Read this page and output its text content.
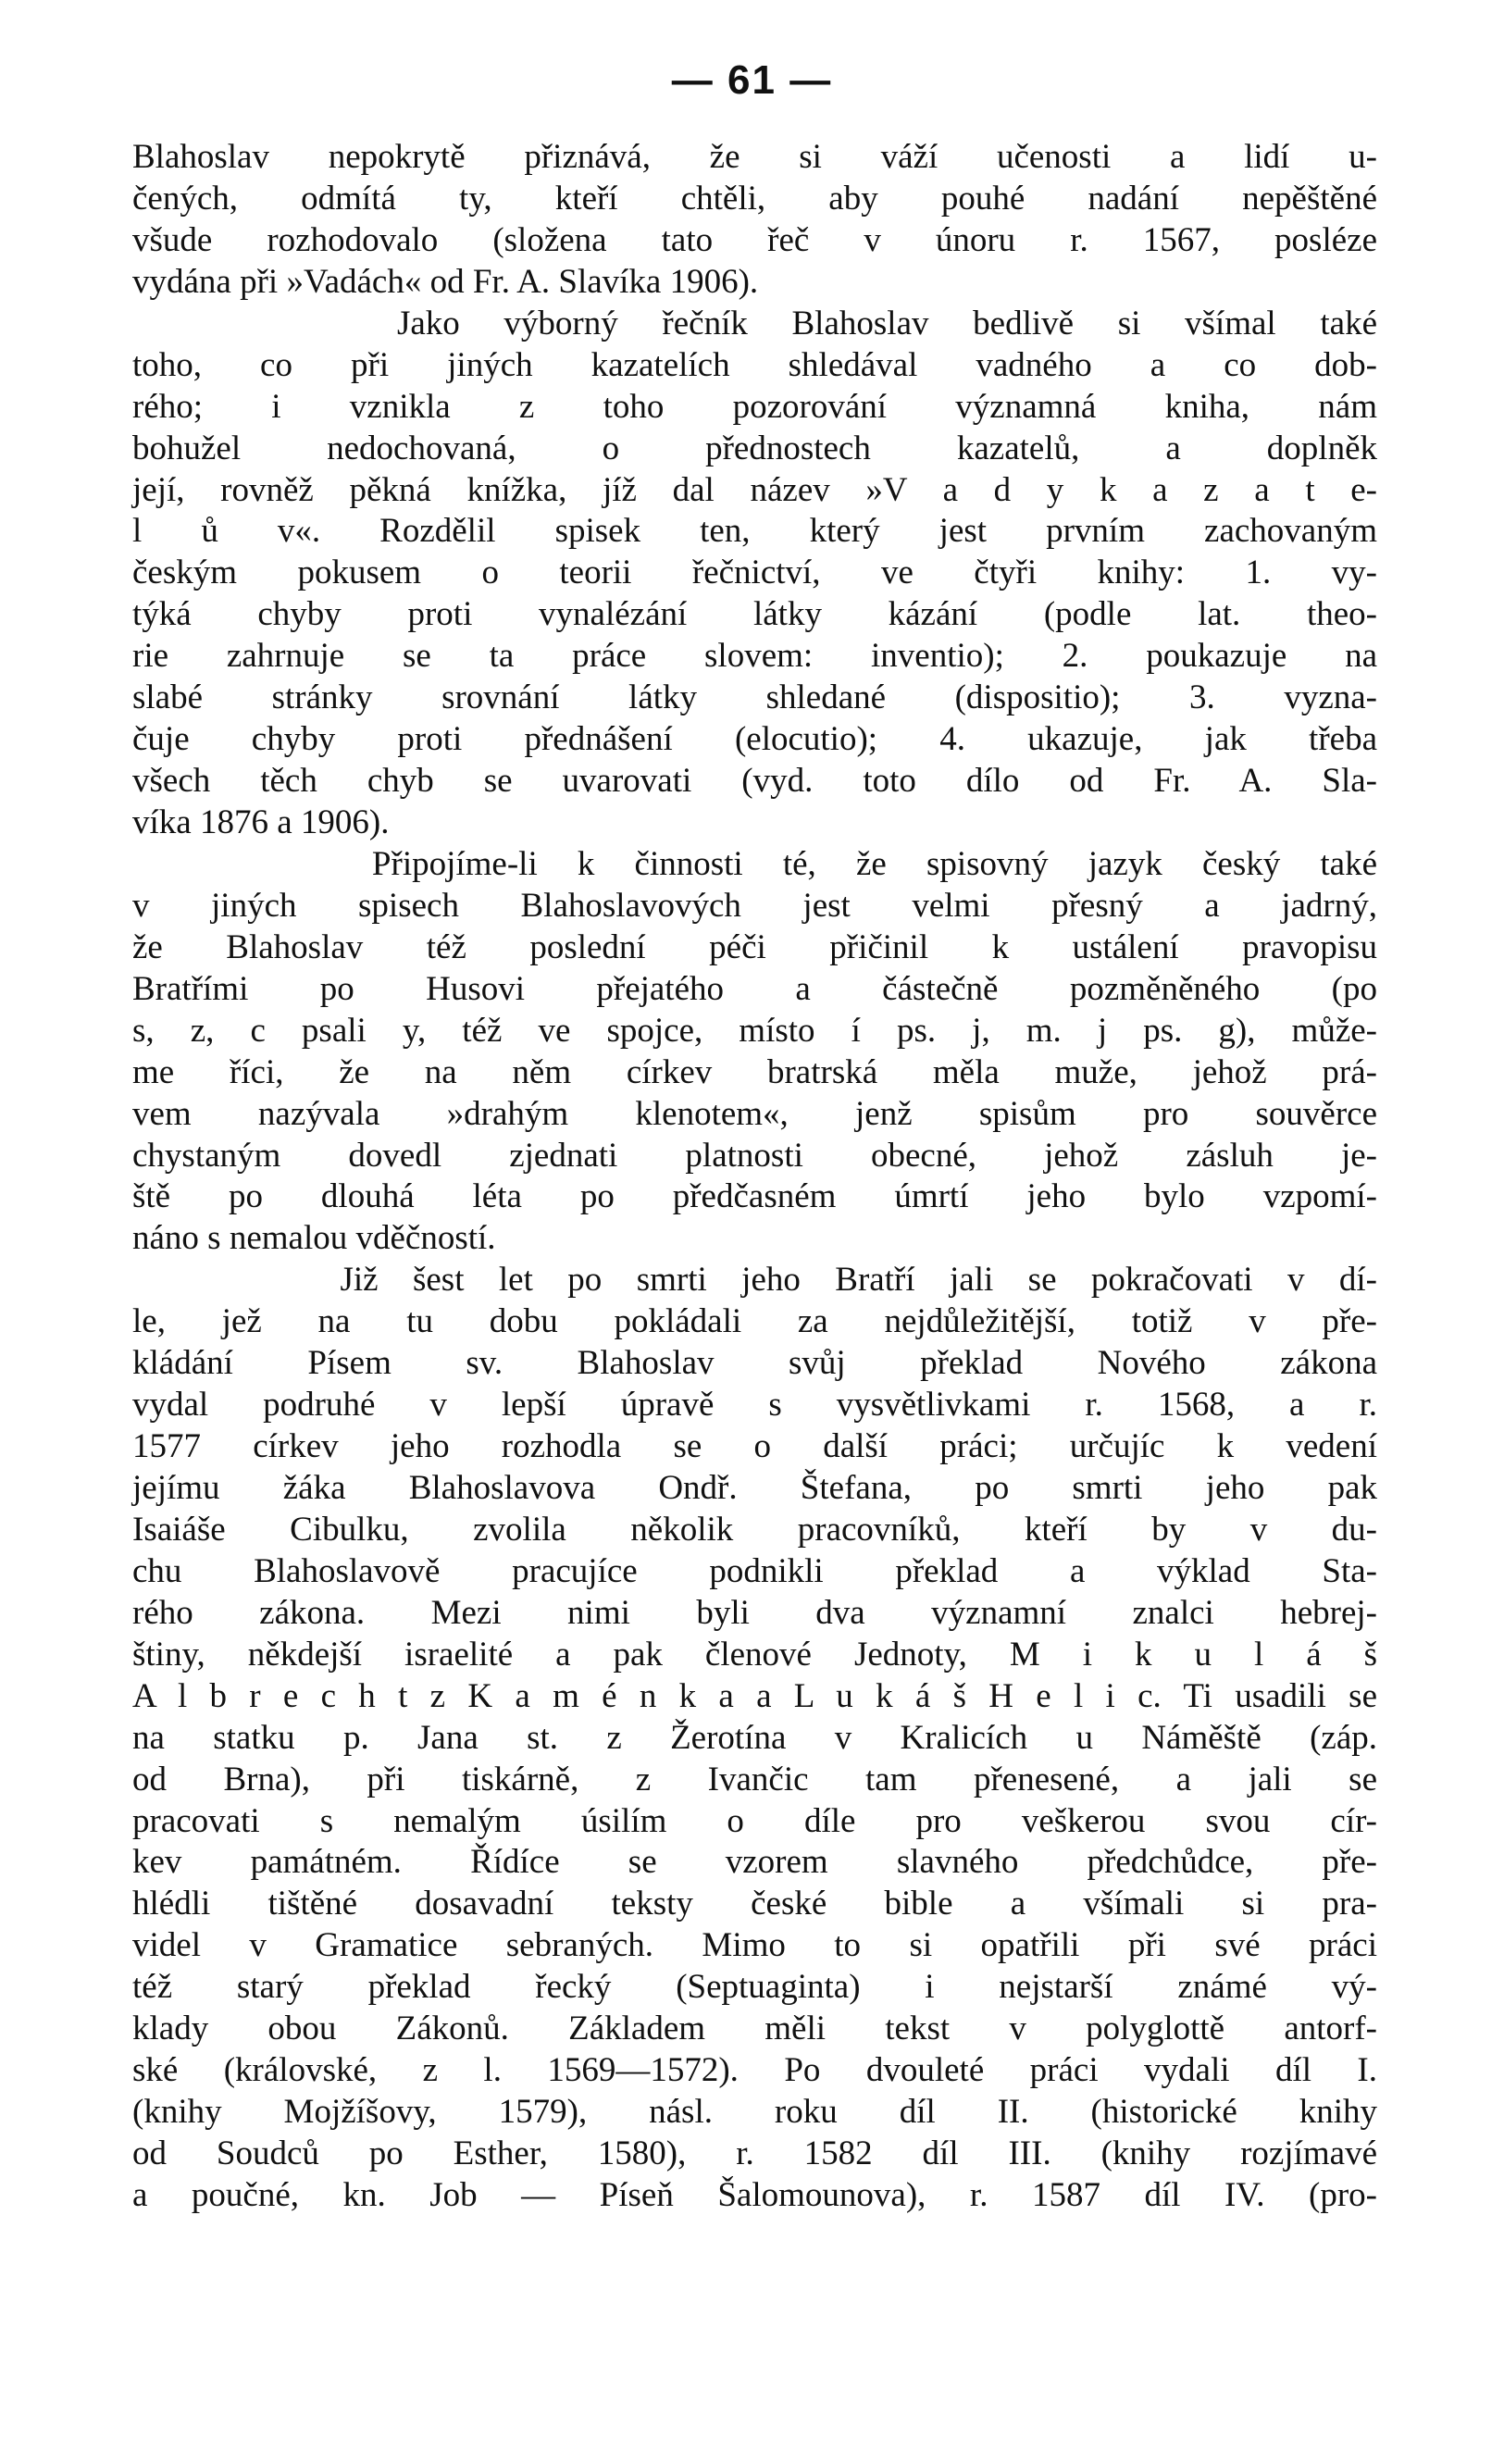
— 61 —
Blahoslav nepokrytě přiznává, že si váží učenosti a lidí u-
čených, odmítá ty, kteří chtěli, aby pouhé nadání nepěštěné
všude rozhodovalo (složena tato řeč v únoru r. 1567, posléze
vydána při »Vadách« od Fr. A. Slavíka 1906).
Jako výborný řečník Blahoslav bedlivě si všímal také
toho, co při jiných kazatelích shledával vadného a co dob-
rého; i vznikla z toho pozorování významná kniha, nám
bohužel nedochovaná, o přednostech kazatelů, a doplněk
její, rovněž pěkná knížka, jíž dal název »V a d y k a z a t e-
l ů v«. Rozdělil spisek ten, který jest prvním zachovaným
českým pokusem o teorii řečnictví, ve čtyři knihy: 1. vy-
týká chyby proti vynalézání látky kázání (podle lat. theo-
rie zahrnuje se ta práce slovem: inventio); 2. poukazuje na
slabé stránky srovnání látky shledané (dispositio); 3. vyzna-
čuje chyby proti přednášení (elocutio); 4. ukazuje, jak třeba
všech těch chyb se uvarovati (vyd. toto dílo od Fr. A. Sla-
víka 1876 a 1906).
Připojíme-li k činnosti té, že spisovný jazyk český také
v jiných spisech Blahoslavových jest velmi přesný a jadrný,
že Blahoslav též poslední péči přičinil k ustálení pravopisu
Bratřími po Husovi přejatého a částečně pozměněného (po
s, z, c psali y, též ve spojce, místo í ps. j, m. j ps. g), může-
me říci, že na něm církev bratrská měla muže, jehož prá-
vem nazývala »drahým klenotem«, jenž spisům pro souvěrce
chystaným dovedl zjednati platnosti obecné, jehož zásluh je-
ště po dlouhá léta po předčasném úmrtí jeho bylo vzpomí-
náno s nemalou vděčností.
Již šest let po smrti jeho Bratří jali se pokračovati v dí-
le, jež na tu dobu pokládali za nejdůležitější, totiž v pře-
kládání Písem sv. Blahoslav svůj překlad Nového zákona
vydal podruhé v lepší úpravě s vysvětlivkami r. 1568, a r.
1577 církev jeho rozhodla se o další práci; určujíc k vedení
jejímu žáka Blahoslavova Ondř. Štefana, po smrti jeho pak
Isaiáše Cibulku, zvolila několik pracovníků, kteří by v du-
chu Blahoslavově pracujíce podnikli překlad a výklad Sta-
rého zákona. Mezi nimi byli dva významní znalci hebrej-
štiny, někdejší israelité a pak členové Jednoty, M i k u l á š
A l b r e c h t z K a m é n k a a L u k á š H e l i c. Ti usadili se
na statku p. Jana st. z Žerotína v Kralicích u Náměště (záp.
od Brna), při tiskárně, z Ivančic tam přenesené, a jali se
pracovati s nemalým úsilím o díle pro veškerou svou cír-
kev památném. Řídíce se vzorem slavného předchůdce, pře-
hlédli tištěné dosavadní teksty české bible a všímali si pra-
videl v Gramatice sebraných. Mimo to si opatřili při své práci
též starý překlad řecký (Septuaginta) i nejstarší známé vý-
klady obou Zákonů. Základem měli tekst v polyglottě antorf-
ské (královské, z l. 1569—1572). Po dvouleté práci vydali díl I.
(knihy Mojžíšovy, 1579), násl. roku díl II. (historické knihy
od Soudců po Esther, 1580), r. 1582 díl III. (knihy rozjímavé
a poučné, kn. Job — Píseň Šalomounova), r. 1587 díl IV. (pro-
